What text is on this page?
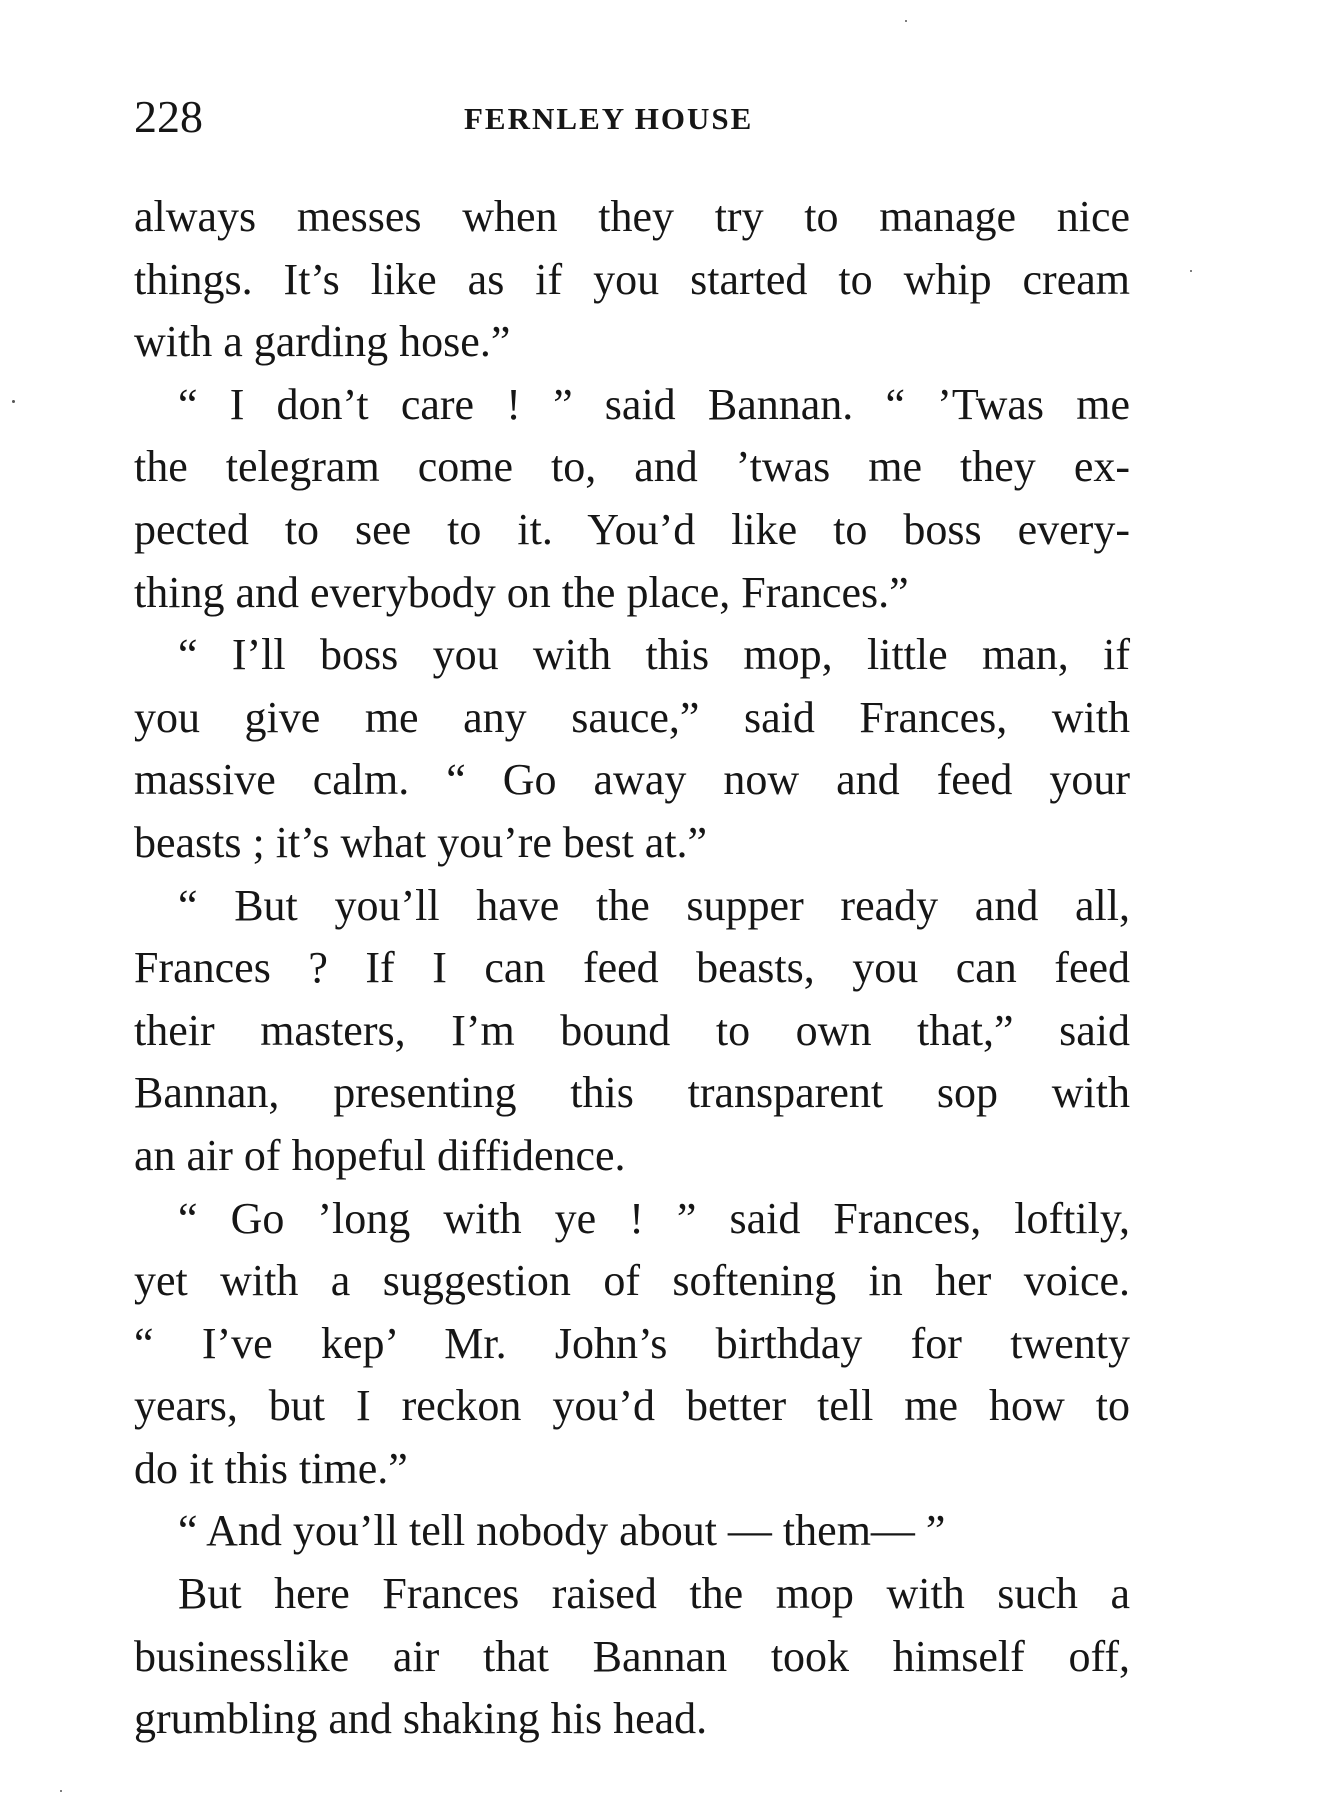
228	FERNLEY HOUSE
always messes when they try to manage nice
things. It’s like as if you started to whip cream
with a garding hose.”
“ I don’t care ! ” said Bannan. “ ’Twas me
the telegram come to, and ’twas me they ex-
pected to see to it. You’d like to boss every-
thing and everybody on the place, Frances.”
“ I’ll boss you with this mop, little man, if
you give me any sauce,” said Frances, with
massive calm. “ Go away now and feed your
beasts ; it’s what you’re best at.”
“ But you’ll have the supper ready and all,
Frances ? If I can feed beasts, you can feed
their masters, I’m bound to own that,” said
Bannan, presenting this transparent sop with
an air of hopeful diffidence.
“ Go ’long with ye ! ” said Frances, loftily,
yet with a suggestion of softening in her voice.
“ I’ve kep’ Mr. John’s birthday for twenty
years, but I reckon you’d better tell me how to
do it this time.”
“ And you’ll tell nobody about — them— ”
But here Frances raised the mop with such a
businesslike air that Bannan took himself off,
grumbling and shaking his head.
